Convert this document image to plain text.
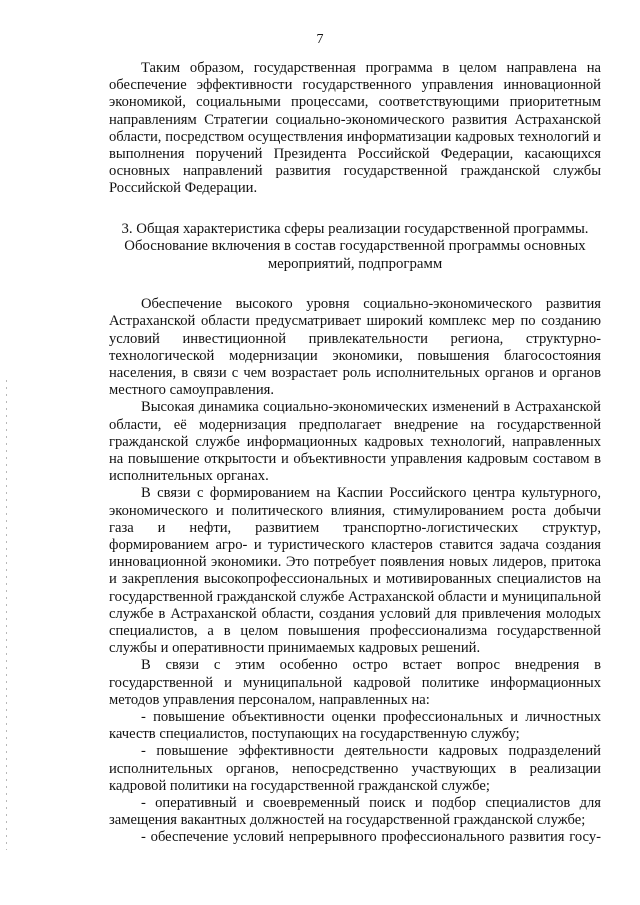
7

Таким образом, государственная программа в целом направлена на обеспечение эффективности государственного управления инновационной экономикой, социальными процессами, соответствующими приоритетным направлениям Стратегии социально-экономического развития Астраханской области, посредством осуществления информатизации кадровых технологий и выполнения поручений Президента Российской Федерации, касающихся основных направлений развития государственной гражданской службы Российской Федерации.

3. Общая характеристика сферы реализации государственной программы.
Обоснование включения в состав государственной программы основных
мероприятий, подпрограмм

Обеспечение высокого уровня социально-экономического развития Астраханской области предусматривает широкий комплекс мер по созданию условий инвестиционной привлекательности региона, структурно-технологической модернизации экономики, повышения благосостояния населения, в связи с чем возрастает роль исполнительных органов и органов местного самоуправления.

Высокая динамика социально-экономических изменений в Астраханской области, её модернизация предполагает внедрение на государственной гражданской службе информационных кадровых технологий, направленных на повышение открытости и объективности управления кадровым составом в исполнительных органах.

В связи с формированием на Каспии Российского центра культурного, экономического и политического влияния, стимулированием роста добычи газа и нефти, развитием транспортно-логистических структур, формированием агро- и туристического кластеров ставится задача создания инновационной экономики. Это потребует появления новых лидеров, притока и закрепления высокопрофессиональных и мотивированных специалистов на государственной гражданской службе Астраханской области и муниципальной службе в Астраханской области, создания условий для привлечения молодых специалистов, а в целом повышения профессионализма государственной службы и оперативности принимаемых кадровых решений.

В связи с этим особенно остро встает вопрос внедрения в государственной и муниципальной кадровой политике информационных методов управления персоналом, направленных на:

- повышение объективности оценки профессиональных и личностных качеств специалистов, поступающих на государственную службу;

- повышение эффективности деятельности кадровых подразделений исполнительных органов, непосредственно участвующих в реализации кадровой политики на государственной гражданской службе;

- оперативный и своевременный поиск и подбор специалистов для замещения вакантных должностей на государственной гражданской службе;

- обеспечение условий непрерывного профессионального развития госу-
